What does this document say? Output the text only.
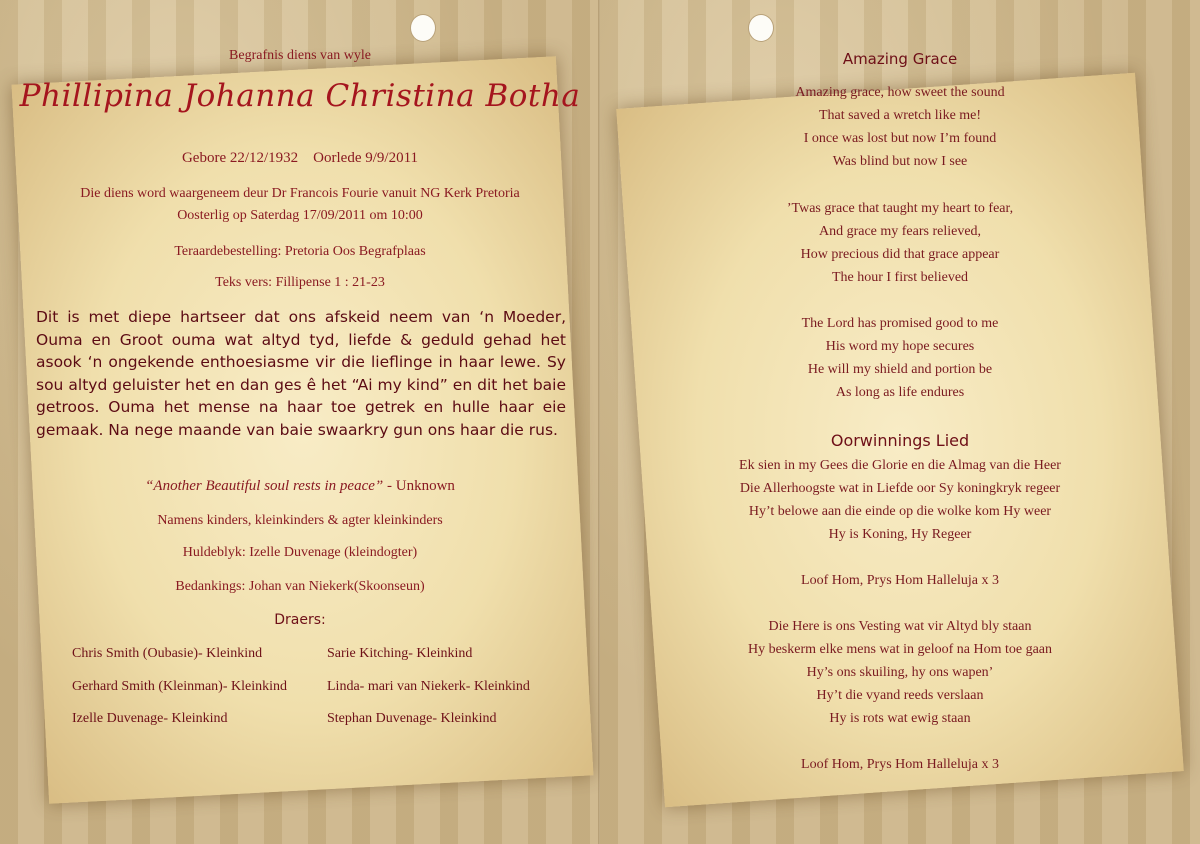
Begrafnis diens van wyle
Phillipina Johanna Christina Botha
Gebore 22/12/1932    Oorlede 9/9/2011
Die diens word waargeneem deur Dr Francois Fourie vanuit NG Kerk Pretoria
Oosterlig op Saterdag 17/09/2011 om 10:00
Teraardebestelling: Pretoria Oos Begrafplaas
Teks vers: Fillipense 1 : 21-23
Dit is met diepe hartseer dat ons afskeid neem van ‘n Moeder, Ouma en Groot ouma wat altyd tyd, liefde & geduld gehad het asook ‘n ongekende enthoesiasme vir die lieflinge in haar lewe. Sy sou altyd geluister het en dan ges ê het “Ai my kind” en dit het baie getroos. Ouma het mense na haar toe getrek en hulle haar eie gemaak. Na nege maande van baie swaarkry gun ons haar die rus.
“Another Beautiful soul rests in peace” - Unknown
Namens kinders, kleinkinders & agter kleinkinders
Huldeblyk: Izelle Duvenage (kleindogter)
Bedankings: Johan van Niekerk(Skoonseun)
Draers:
Chris Smith (Oubasie)- Kleinkind
Gerhard Smith (Kleinman)- Kleinkind
Izelle Duvenage- Kleinkind
Sarie Kitching- Kleinkind
Linda- mari van Niekerk- Kleinkind
Stephan Duvenage- Kleinkind
Amazing Grace
Amazing grace, how sweet the sound
That saved a wretch like me!
I once was lost but now I’m found
Was blind but now I see
’Twas grace that taught my heart to fear,
And grace my fears relieved,
How precious did that grace appear
The hour I first believed
The Lord has promised good to me
His word my hope secures
He will my shield and portion be
As long as life endures
Oorwinnings Lied
Ek sien in my Gees die Glorie en die Almag van die Heer
Die Allerhoogste wat in Liefde oor Sy koningkryk regeer
Hy’t belowe aan die einde op die wolke kom Hy weer
Hy is Koning, Hy Regeer
Loof Hom, Prys Hom Halleluja x 3
Die Here is ons Vesting wat vir Altyd bly staan
Hy beskerm elke mens wat in geloof na Hom toe gaan
Hy’s ons skuiling, hy ons wapen’
Hy’t die vyand reeds verslaan
Hy is rots wat ewig staan
Loof Hom, Prys Hom Halleluja x 3
